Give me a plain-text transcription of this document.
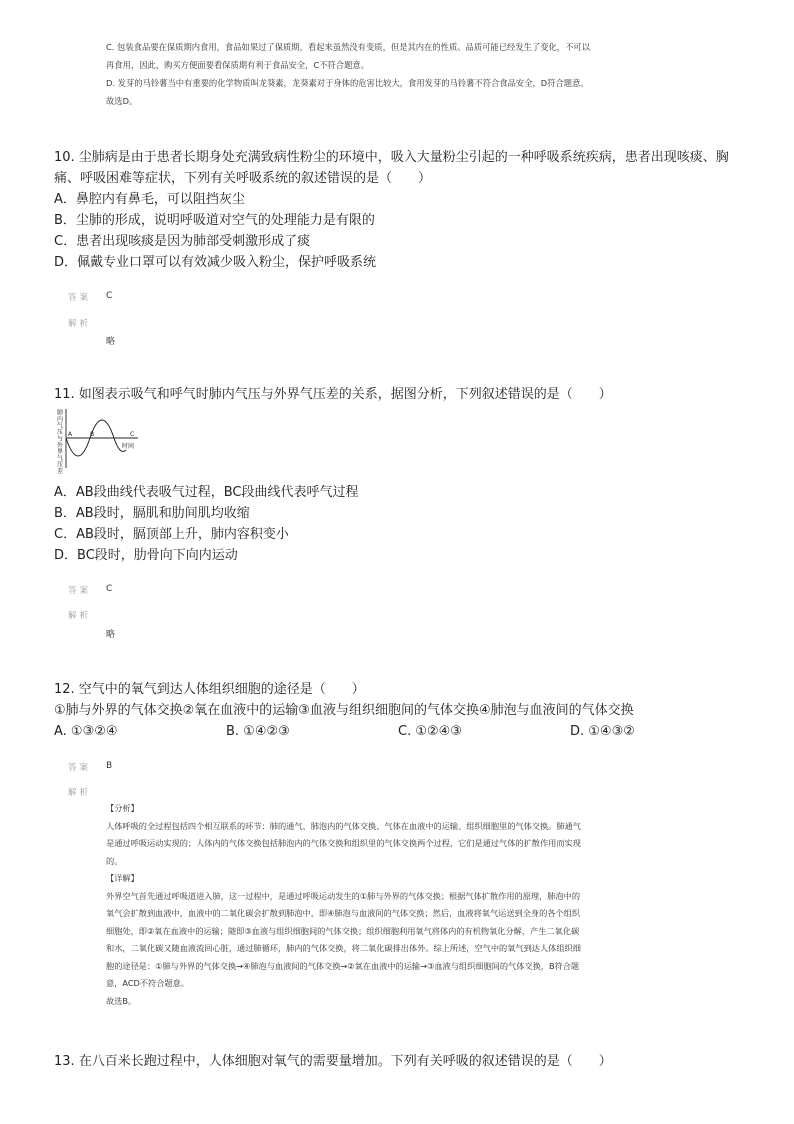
C. 包装食品要在保质期内食用，食品如果过了保质期，看起来虽然没有变质，但是其内在的性质、品质可能已经发生了变化，不可以
再食用，因此，购买方便面要看保质期有利于食品安全，C不符合题意。
D. 发芽的马铃薯当中有重要的化学物质叫龙葵素，龙葵素对于身体的危害比较大，食用发芽的马铃薯不符合食品安全，D符合题意。
故选D。
10. 尘肺病是由于患者长期身处充满致病性粉尘的环境中，吸入大量粉尘引起的一种呼吸系统疾病，患者出现咳痰、胸
痛、呼吸困难等症状，下列有关呼吸系统的叙述错误的是（　　）
A．鼻腔内有鼻毛，可以阻挡灰尘
B．尘肺的形成，说明呼吸道对空气的处理能力是有限的
C．患者出现咳痰是因为肺部受刺激形成了痰
D．佩戴专业口罩可以有效减少吸入粉尘，保护呼吸系统
答案 C
解析
略
11. 如图表示吸气和呼气时肺内气压与外界气压差的关系，据图分析，下列叙述错误的是（　　）
肺内气压与外界气压差 A	B	C
时间
A．AB段曲线代表吸气过程，BC段曲线代表呼气过程
B．AB段时，膈肌和肋间肌均收缩
C．AB段时，膈顶部上升，肺内容积变小
D．BC段时，肋骨向下向内运动
答案 C
解析
略
12. 空气中的氧气到达人体组织细胞的途径是（　　）
①肺与外界的气体交换②氧在血液中的运输③血液与组织细胞间的气体交换④肺泡与血液间的气体交换
A. ①③②④	B. ①④②③	C. ①②④③	D. ①④③②
答案 B
解析

【分析】

人体呼吸的全过程包括四个相互联系的环节：肺的通气、肺泡内的气体交换、气体在血液中的运输、组织细胞里的气体交换。肺通气

是通过呼吸运动实现的；人体内的气体交换包括肺泡内的气体交换和组织里的气体交换两个过程，它们是通过气体的扩散作用而实现

的。

【详解】

外界空气首先通过呼吸道进入肺，这一过程中，是通过呼吸运动发生的①肺与外界的气体交换；根据气体扩散作用的原理，肺泡中的

氧气会扩散到血液中，血液中的二氧化碳会扩散到肺泡中，即④肺泡与血液间的气体交换；然后，血液将氧气运送到全身的各个组织

细胞处，即②氧在血液中的运输；随即③血液与组织细胞间的气体交换；组织细胞利用氧气将体内的有机物氧化分解，产生二氧化碳

和水，二氧化碳又随血液流回心脏，通过肺循环，肺内的气体交换，将二氧化碳排出体外。综上所述，空气中的氧气到达人体组织细

胞的途径是：①肺与外界的气体交换→④肺泡与血液间的气体交换→②氧在血液中的运输→③血液与组织细胞间的气体交换，B符合题

意，ACD不符合题意。

故选B。

13. 在八百米长跑过程中，人体细胞对氧气的需要量增加。下列有关呼吸的叙述错误的是（　　）
